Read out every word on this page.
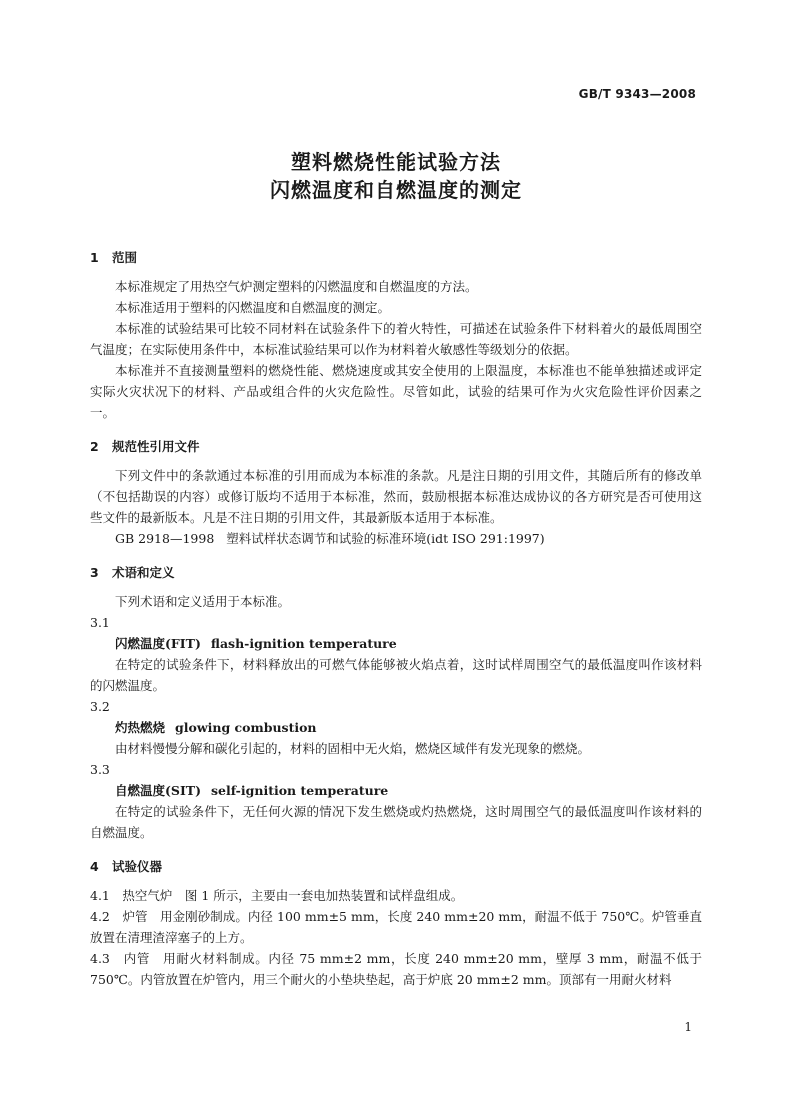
GB/T 9343—2008
塑料燃烧性能试验方法
闪燃温度和自燃温度的测定
1 范围

本标准规定了用热空气炉测定塑料的闪燃温度和自燃温度的方法。

本标准适用于塑料的闪燃温度和自燃温度的测定。

本标准的试验结果可比较不同材料在试验条件下的着火特性，可描述在试验条件下材料着火的最低周围空气温度；在实际使用条件中，本标准试验结果可以作为材料着火敏感性等级划分的依据。

本标准并不直接测量塑料的燃烧性能、燃烧速度或其安全使用的上限温度，本标准也不能单独描述或评定实际火灾状况下的材料、产品或组合件的火灾危险性。尽管如此，试验的结果可作为火灾危险性评价因素之一。

2 规范性引用文件

下列文件中的条款通过本标准的引用而成为本标准的条款。凡是注日期的引用文件，其随后所有的修改单（不包括勘误的内容）或修订版均不适用于本标准，然而，鼓励根据本标准达成协议的各方研究是否可使用这些文件的最新版本。凡是不注日期的引用文件，其最新版本适用于本标准。

GB 2918—1998 塑料试样状态调节和试验的标准环境(idt ISO 291:1997)

3 术语和定义

下列术语和定义适用于本标准。

3.1

闪燃温度(FIT) flash-ignition temperature

在特定的试验条件下，材料释放出的可燃气体能够被火焰点着，这时试样周围空气的最低温度叫作该材料的闪燃温度。

3.2

灼热燃烧 glowing combustion

由材料慢慢分解和碳化引起的，材料的固相中无火焰，燃烧区域伴有发光现象的燃烧。

3.3

自燃温度(SIT) self-ignition temperature

在特定的试验条件下，无任何火源的情况下发生燃烧或灼热燃烧，这时周围空气的最低温度叫作该材料的自燃温度。

4 试验仪器

4.1　热空气炉　图 1 所示，主要由一套电加热装置和试样盘组成。

4.2　炉管　用金刚砂制成。内径 100 mm±5 mm，长度 240 mm±20 mm，耐温不低于 750℃。炉管垂直放置在清理渣滓塞子的上方。

4.3　内管　用耐火材料制成。内径 75 mm±2 mm，长度 240 mm±20 mm，壁厚 3 mm，耐温不低于 750℃。内管放置在炉管内，用三个耐火的小垫块垫起，高于炉底 20 mm±2 mm。顶部有一用耐火材料

1
